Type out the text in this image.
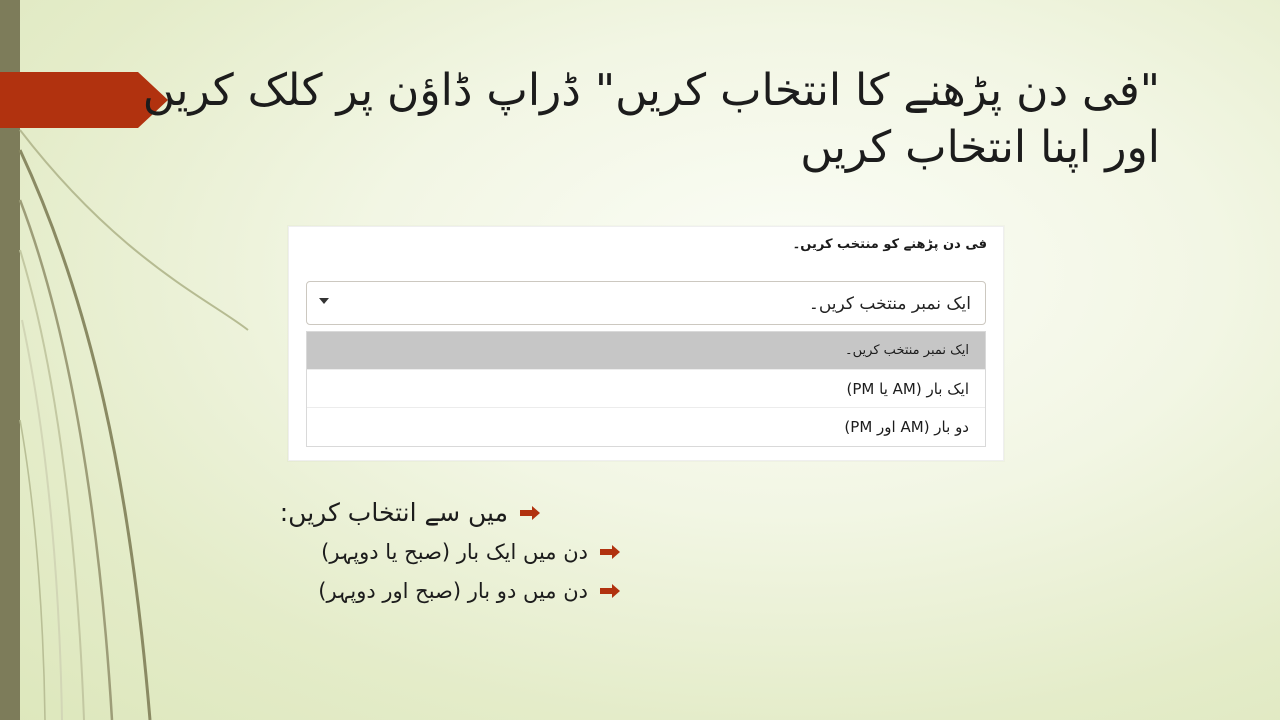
"فی دن پڑھنے کا انتخاب کریں" ڈراپ ڈاؤن پر کلک کریں اور اپنا انتخاب کریں
فی دن پڑھنے کو منتخب کریں۔
ایک نمبر منتخب کریں۔
ایک نمبر منتخب کریں۔
ایک بار (AM یا PM)
دو بار (AM اور PM)
میں سے انتخاب کریں:
دن میں ایک بار (صبح یا دوپہر)
دن میں دو بار (صبح اور دوپہر)
